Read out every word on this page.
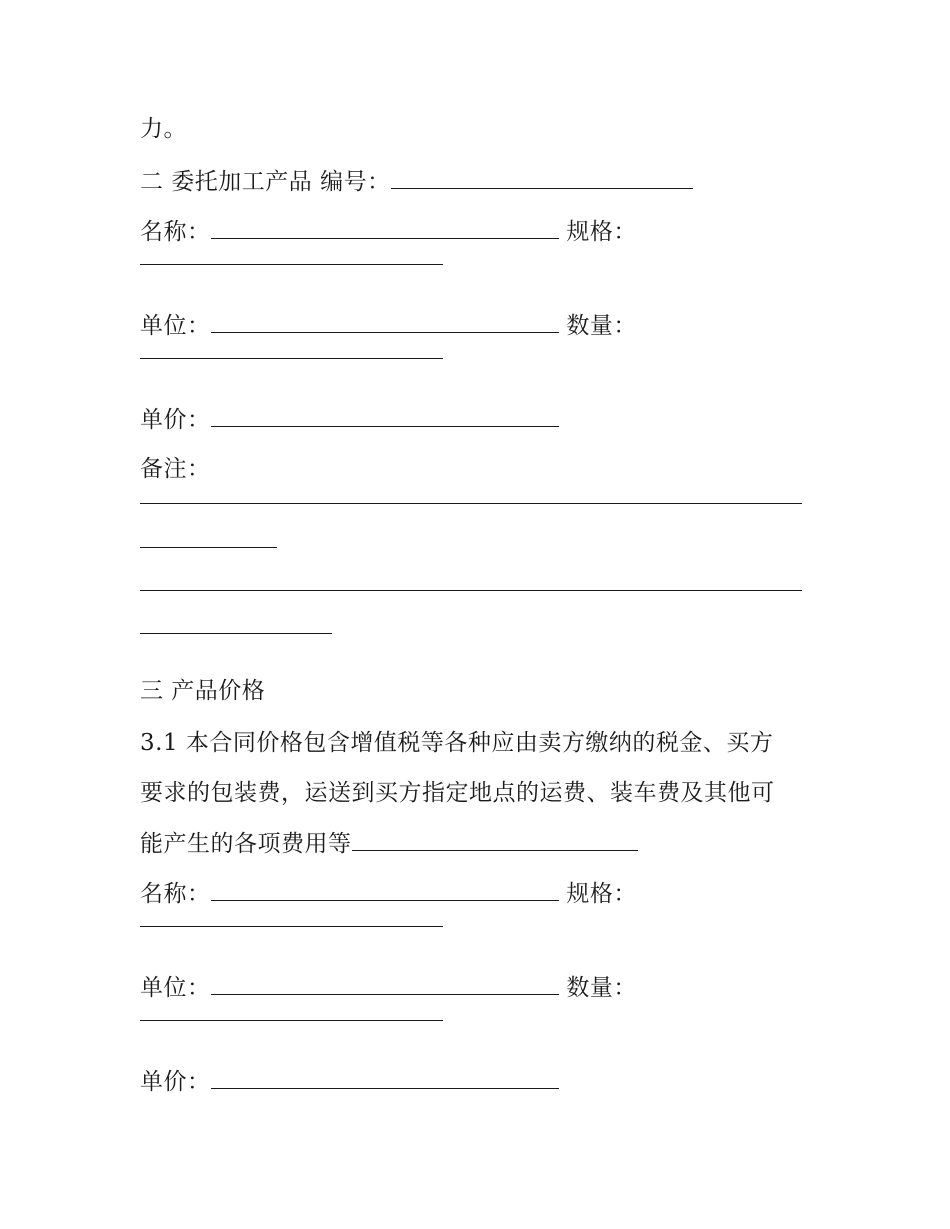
力。
二 委托加工产品 编号：
名称：	规格：
单位：	数量：
单价：
备注：
三 产品价格
3.1 本合同价格包含增值税等各种应由卖方缴纳的税金、买方
要求的包装费，运送到买方指定地点的运费、装车费及其他可
能产生的各项费用等
名称：	规格：
单位：	数量：
单价：
